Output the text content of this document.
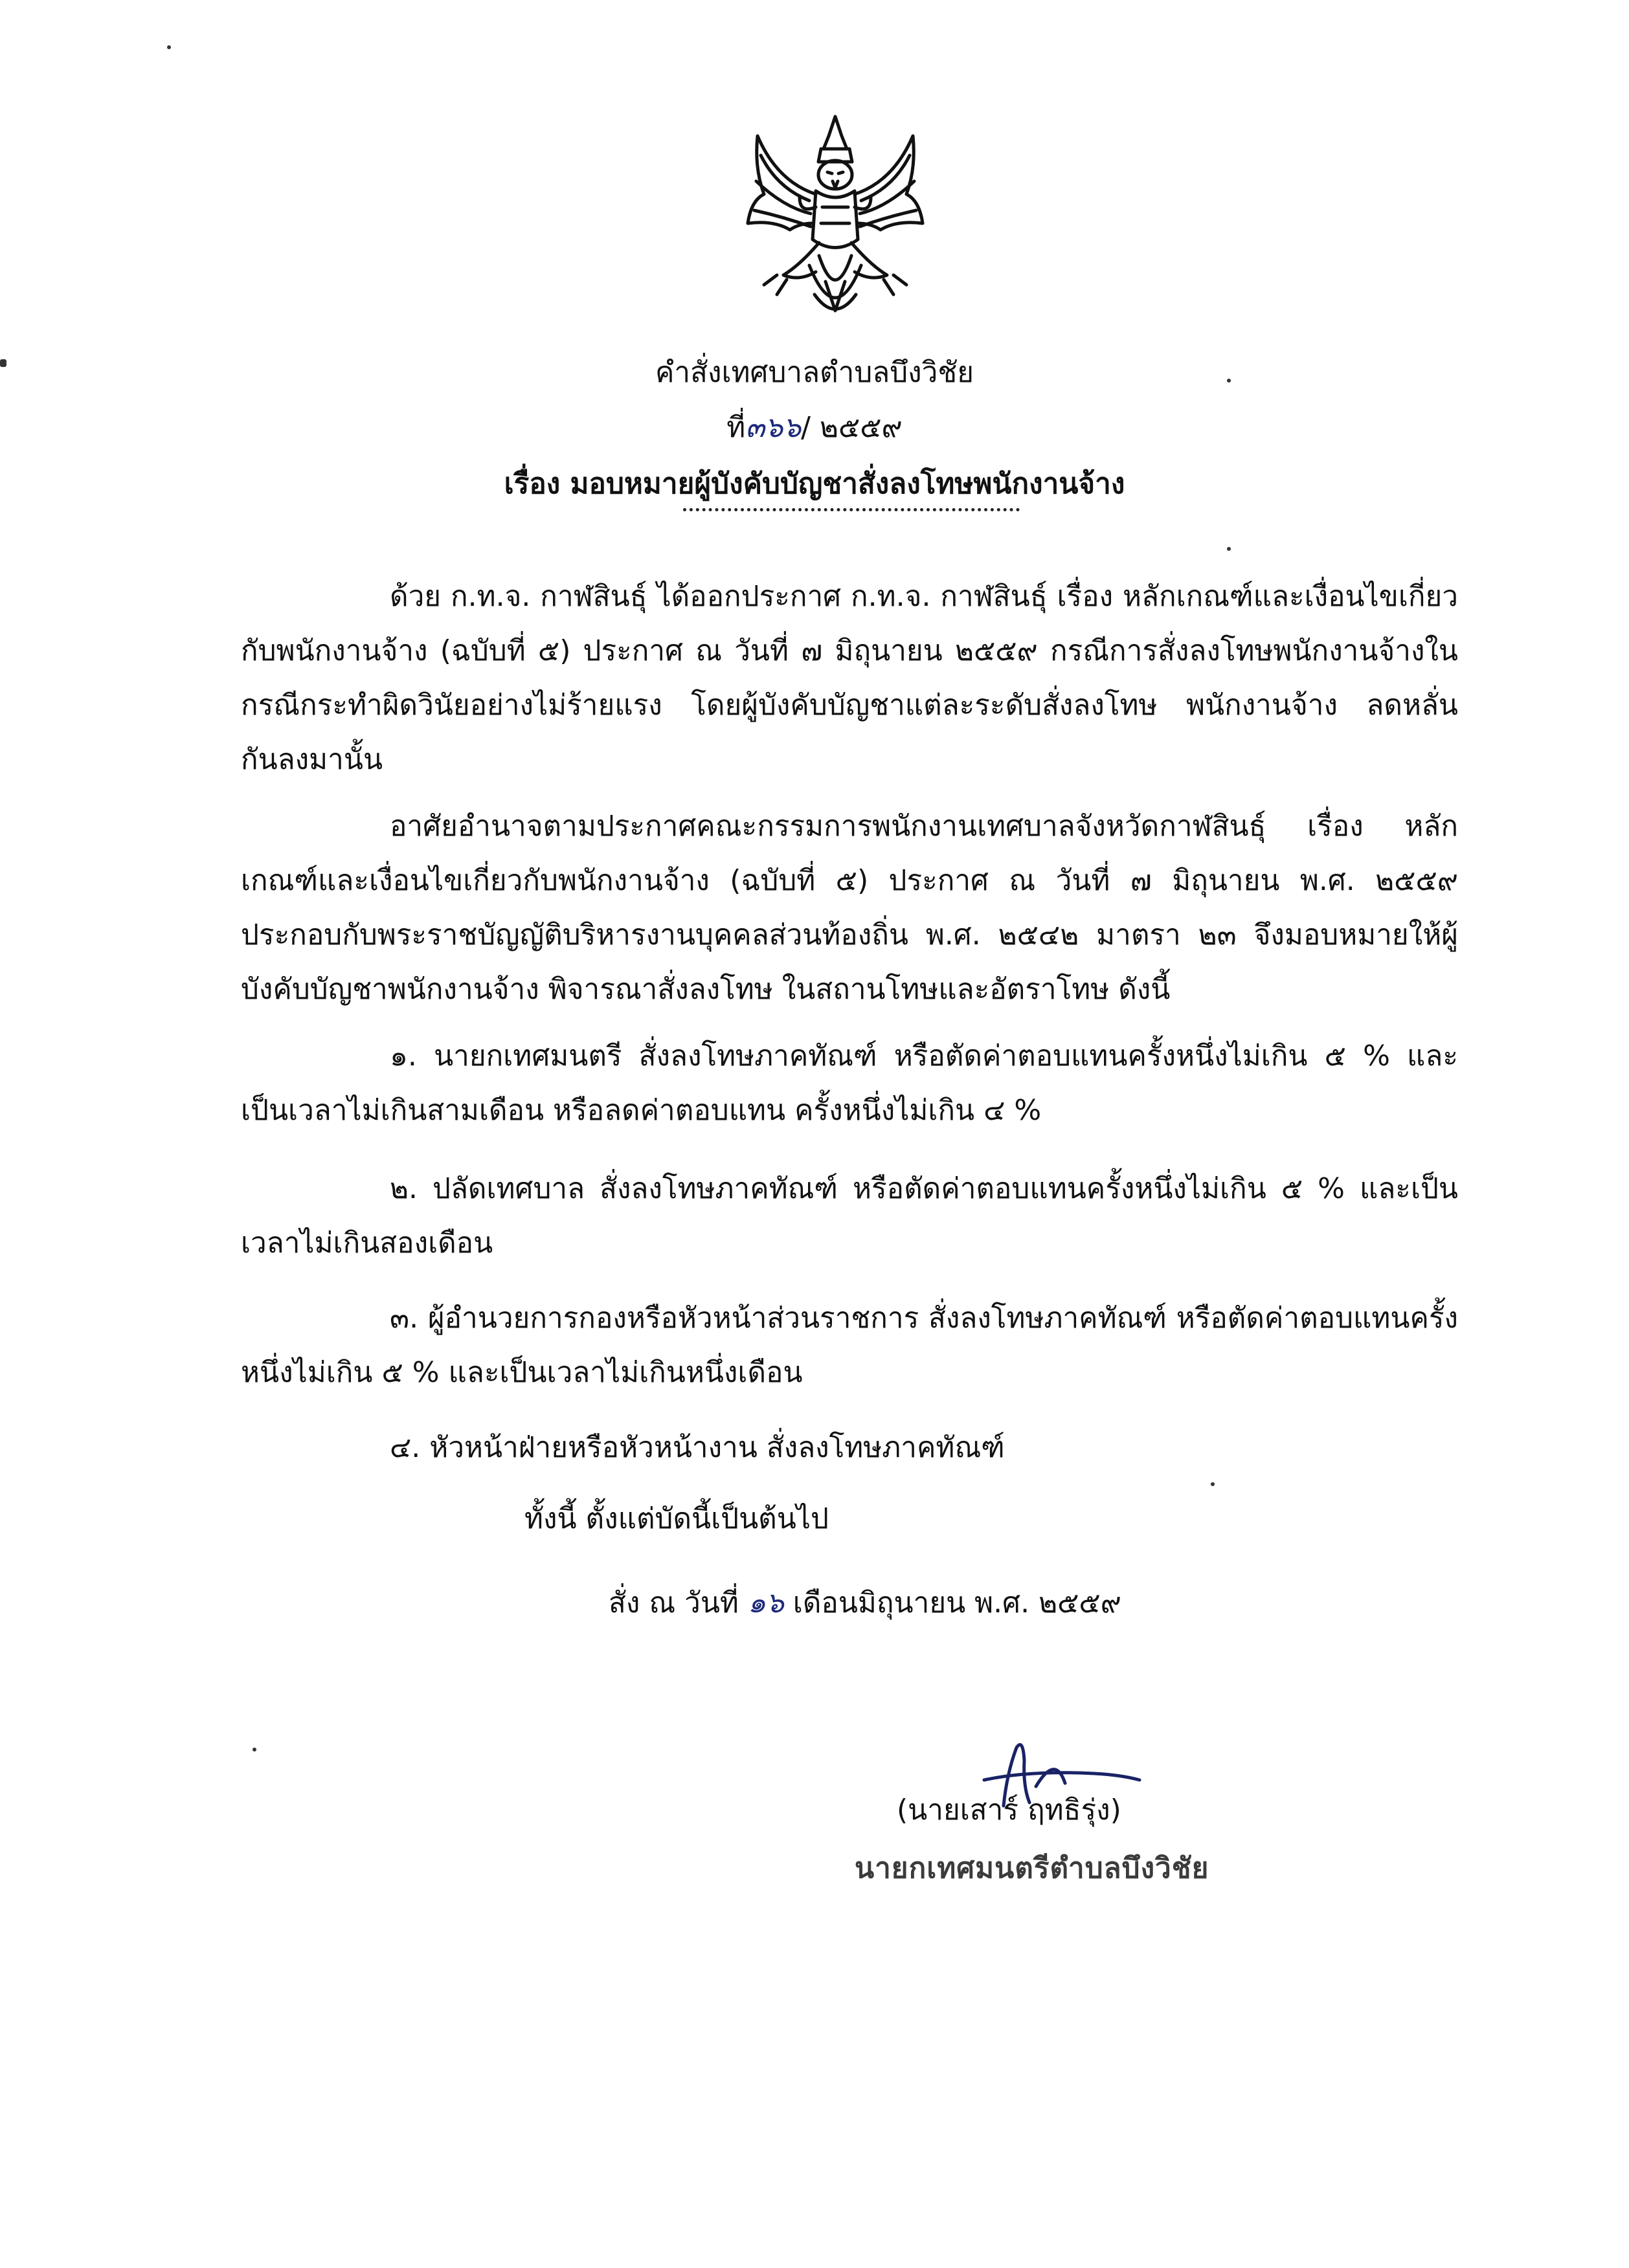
คำสั่งเทศบาลตำบลบึงวิชัย
ที่๓๖๖/ ๒๕๕๙
เรื่อง มอบหมายผู้บังคับบัญชาสั่งลงโทษพนักงานจ้าง

ด้วย ก.ท.จ. กาฬสินธุ์ ได้ออกประกาศ ก.ท.จ. กาฬสินธุ์ เรื่อง หลักเกณฑ์และเงื่อนไขเกี่ยวกับพนักงานจ้าง (ฉบับที่ ๕) ประกาศ ณ วันที่ ๗ มิถุนายน ๒๕๕๙ กรณีการสั่งลงโทษพนักงานจ้างในกรณีกระทำผิดวินัยอย่างไม่ร้ายแรง โดยผู้บังคับบัญชาแต่ละระดับสั่งลงโทษ พนักงานจ้าง ลดหลั่นกันลงมานั้น

อาศัยอำนาจตามประกาศคณะกรรมการพนักงานเทศบาลจังหวัดกาฬสินธุ์ เรื่อง หลักเกณฑ์และเงื่อนไขเกี่ยวกับพนักงานจ้าง (ฉบับที่ ๕) ประกาศ ณ วันที่ ๗ มิถุนายน พ.ศ. ๒๕๕๙ ประกอบกับพระราชบัญญัติบริหารงานบุคคลส่วนท้องถิ่น พ.ศ. ๒๕๔๒ มาตรา ๒๓ จึงมอบหมายให้ผู้บังคับบัญชาพนักงานจ้าง พิจารณาสั่งลงโทษ ในสถานโทษและอัตราโทษ ดังนี้

๑. นายกเทศมนตรี สั่งลงโทษภาคทัณฑ์ หรือตัดค่าตอบแทนครั้งหนึ่งไม่เกิน ๕ % และเป็นเวลาไม่เกินสามเดือน หรือลดค่าตอบแทน ครั้งหนึ่งไม่เกิน ๔ %

๒. ปลัดเทศบาล สั่งลงโทษภาคทัณฑ์ หรือตัดค่าตอบแทนครั้งหนึ่งไม่เกิน ๕ % และเป็นเวลาไม่เกินสองเดือน

๓. ผู้อำนวยการกองหรือหัวหน้าส่วนราชการ สั่งลงโทษภาคทัณฑ์ หรือตัดค่าตอบแทนครั้งหนึ่งไม่เกิน ๕ % และเป็นเวลาไม่เกินหนึ่งเดือน

๔. หัวหน้าฝ่ายหรือหัวหน้างาน สั่งลงโทษภาคทัณฑ์

ทั้งนี้ ตั้งแต่บัดนี้เป็นต้นไป
สั่ง ณ วันที่ ๑๖ เดือนมิถุนายน พ.ศ. ๒๕๕๙
(นายเสาร์ ฤทธิรุ่ง)
นายกเทศมนตรีตำบลบึงวิชัย
